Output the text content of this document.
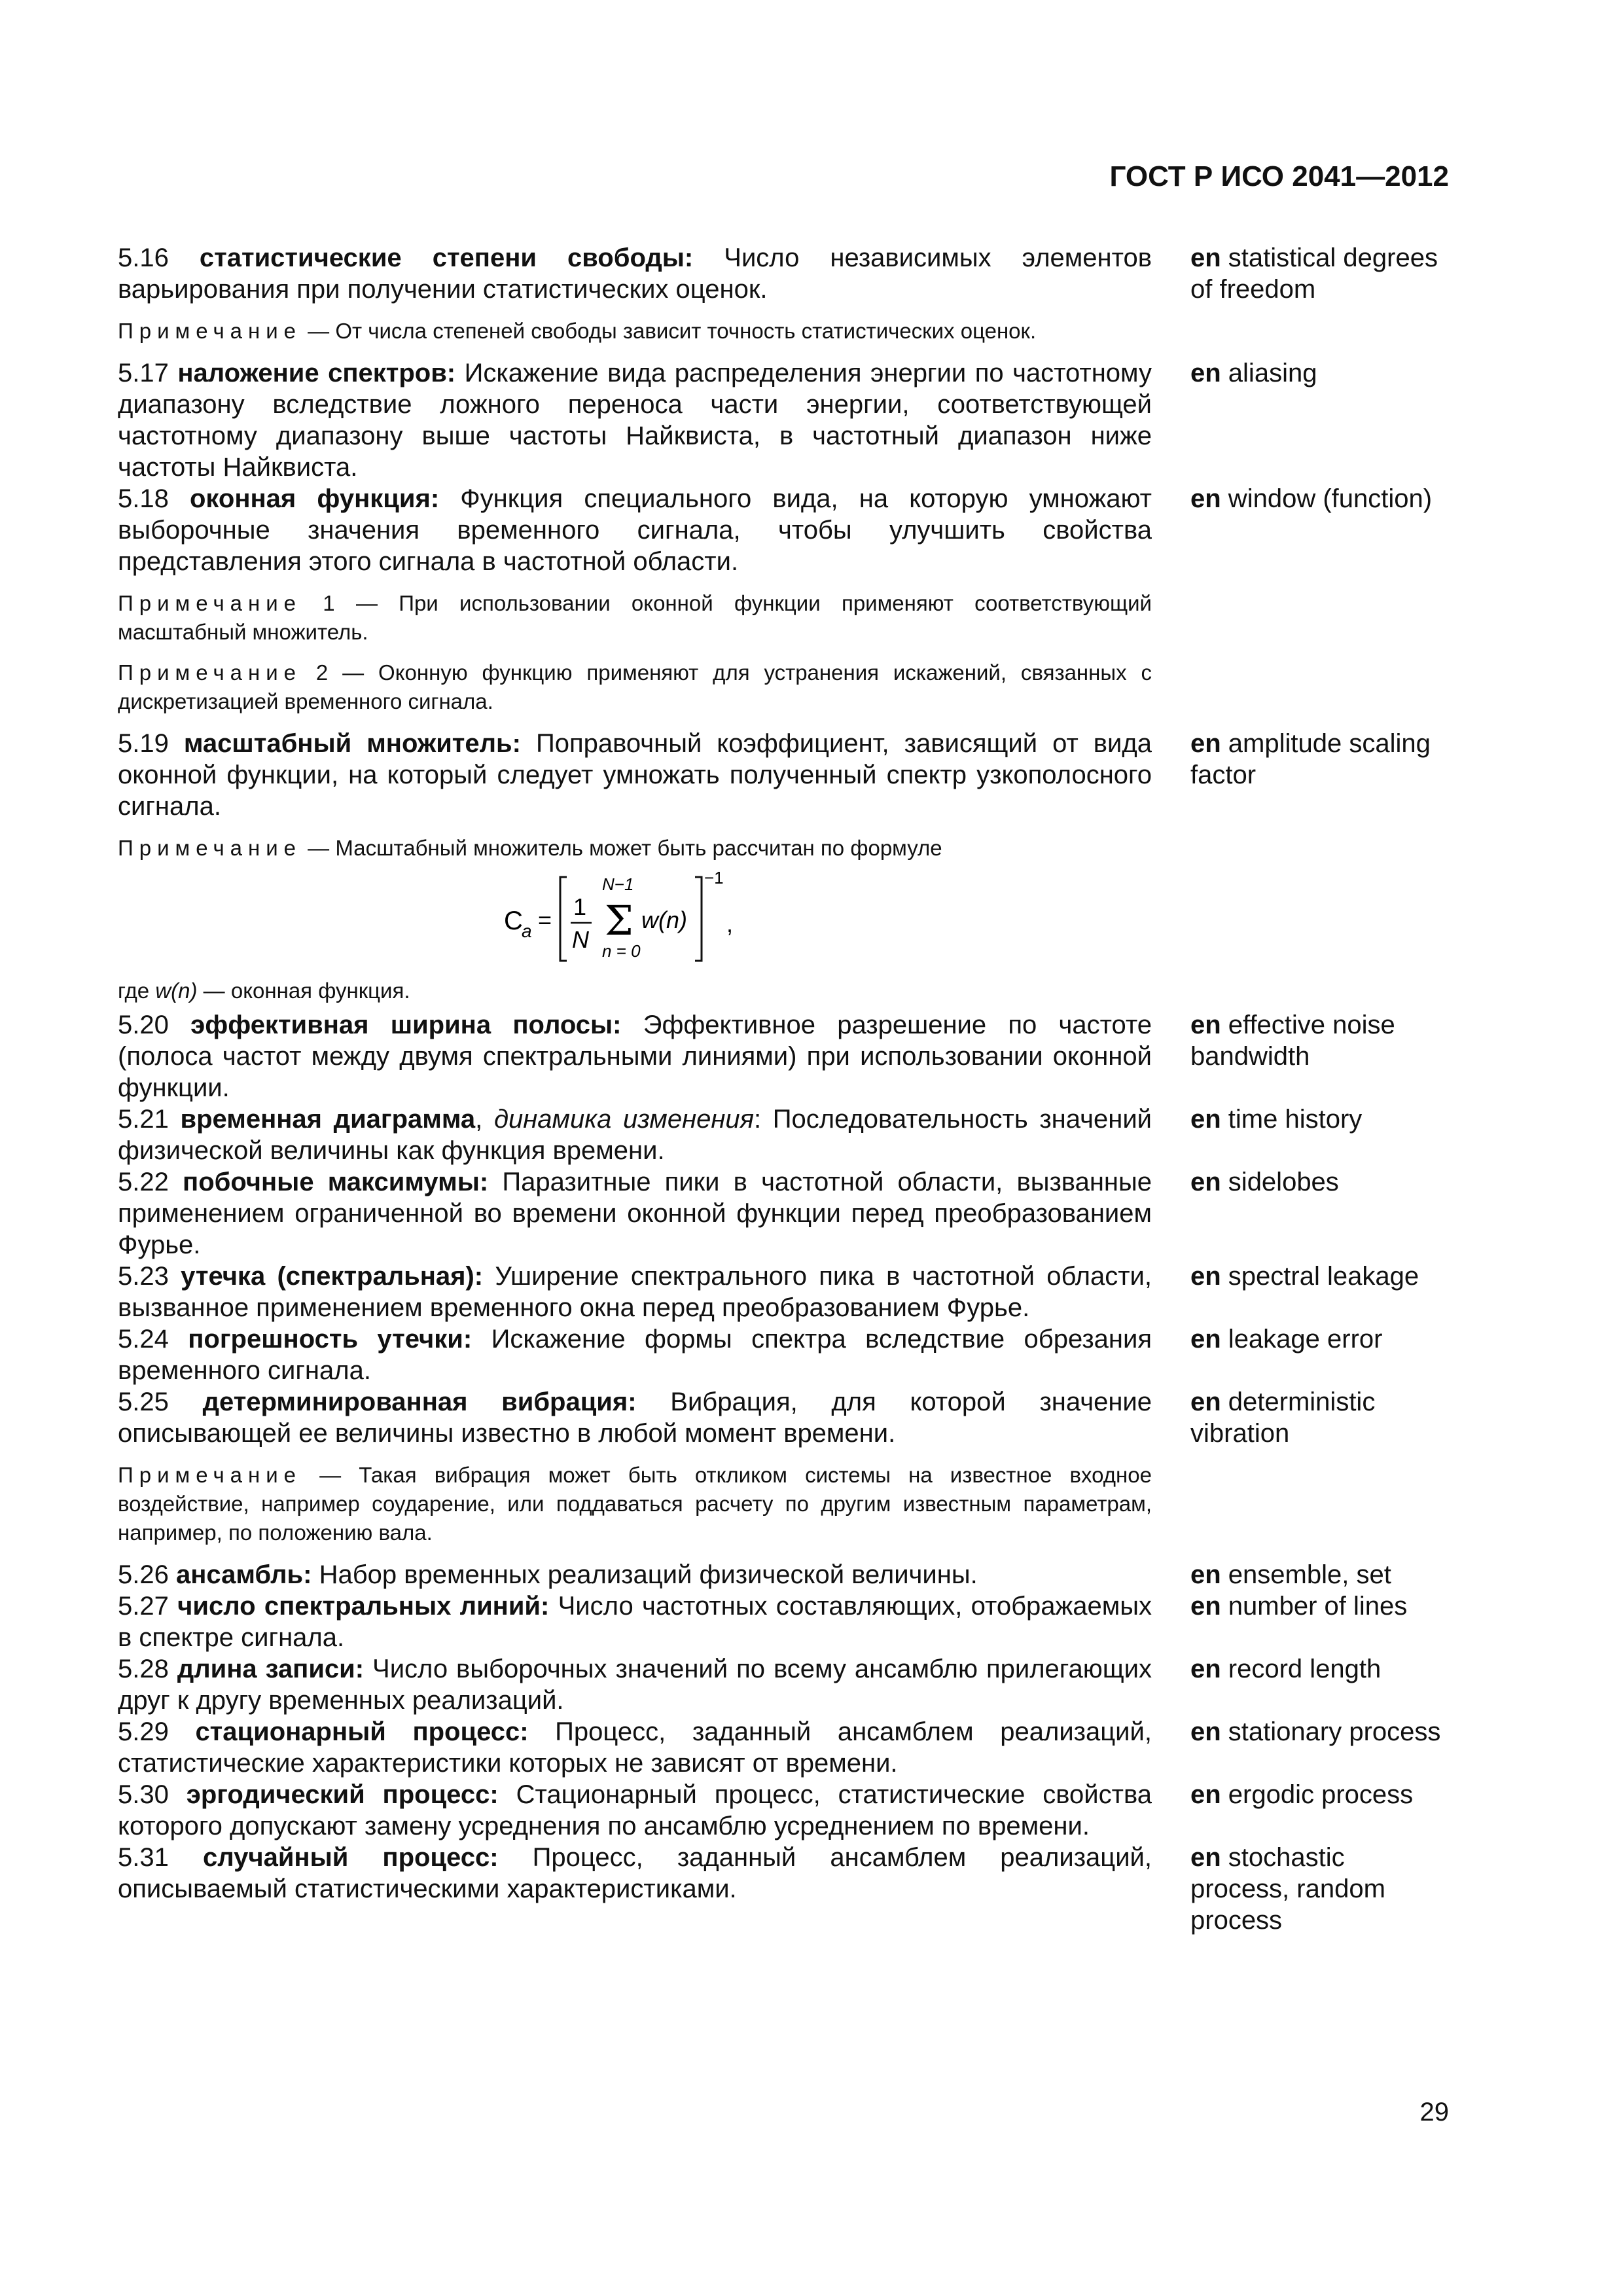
ГОСТ Р ИСО 2041—2012
5.16 статистические степени свободы: Число независимых элементов варьирования при получении статистических оценок.
en statistical degrees of freedom
Примечание — От числа степеней свободы зависит точность статистических оценок.
5.17 наложение спектров: Искажение вида распределения энергии по частотному диапазону вследствие ложного переноса части энергии, соответствующей частотному диапазону выше частоты Найквиста, в частотный диапазон ниже частоты Найквиста.
en aliasing
5.18 оконная функция: Функция специального вида, на которую умножают выборочные значения временного сигнала, чтобы улучшить свойства представления этого сигнала в частотной области.
en window (function)
Примечание 1 — При использовании оконной функции применяют соответствующий масштабный множитель.
Примечание 2 — Оконную функцию применяют для устранения искажений, связанных с дискретизацией временного сигнала.
5.19 масштабный множитель: Поправочный коэффициент, зависящий от вида оконной функции, на который следует умножать полученный спектр узкополосного сигнала.
en amplitude scaling factor
Примечание — Масштабный множитель может быть рассчитан по формуле
C
a = 1
N
N−1
Σ
n = 0
w(n)
−1
,
где w(n) — оконная функция.
5.20 эффективная ширина полосы: Эффективное разрешение по частоте (полоса частот между двумя спектральными линиями) при использовании оконной функции.
en effective noise bandwidth
5.21 временная диаграмма, динамика изменения: Последовательность значений физической величины как функция времени.
en time history
5.22 побочные максимумы: Паразитные пики в частотной области, вызванные применением ограниченной во времени оконной функции перед преобразованием Фурье.
en sidelobes
5.23 утечка (спектральная): Уширение спектрального пика в частотной области, вызванное применением временного окна перед преобразованием Фурье.
en spectral leakage
5.24 погрешность утечки: Искажение формы спектра вследствие обрезания временного сигнала.
en leakage error
5.25 детерминированная вибрация: Вибрация, для которой значение описывающей ее величины известно в любой момент времени.
en deterministic vibration
Примечание — Такая вибрация может быть откликом системы на известное входное воздействие, например соударение, или поддаваться расчету по другим известным параметрам, например, по положению вала.
5.26 ансамбль: Набор временных реализаций физической величины.	en ensemble, set
5.27 число спектральных линий: Число частотных составляющих, отображаемых в спектре сигнала.
en number of lines
5.28 длина записи: Число выборочных значений по всему ансамблю прилегающих друг к другу временных реализаций.
en record length
5.29 стационарный процесс: Процесс, заданный ансамблем реализаций, статистические характеристики которых не зависят от времени.
en stationary process
5.30 эргодический процесс: Стационарный процесс, статистические свойства которого допускают замену усреднения по ансамблю усреднением по времени.
en ergodic process
5.31 случайный процесс: Процесс, заданный ансамблем реализаций, описываемый статистическими характеристиками.
en stochastic process, random process
29
